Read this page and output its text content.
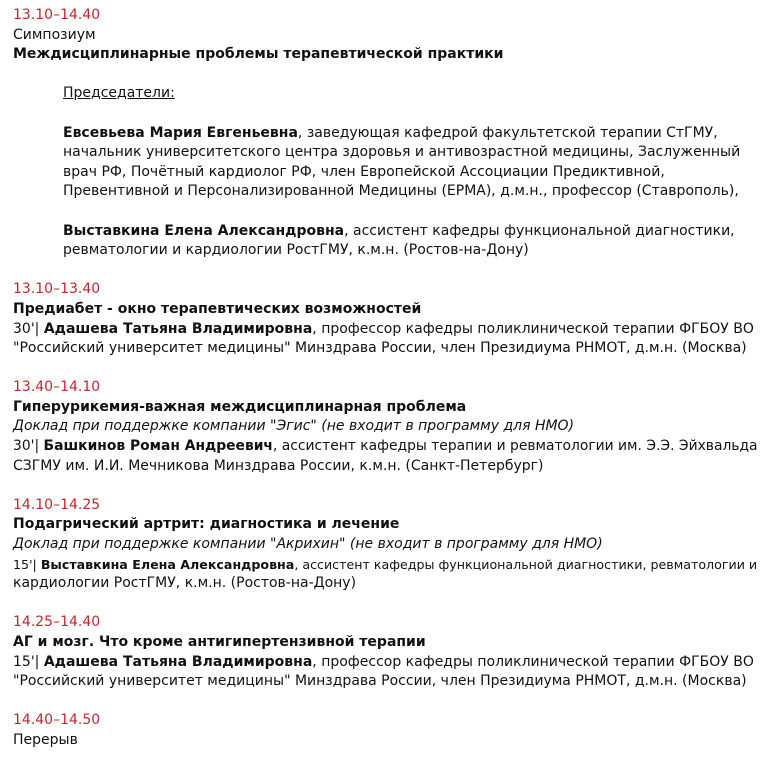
13.10–14.40
Симпозиум
Междисциплинарные проблемы терапевтической практики
Председатели:
Евсевьева Мария Евгеньевна, заведующая кафедрой факультетской терапии СтГМУ, начальник университетского центра здоровья и антивозрастной медицины, Заслуженный врач РФ, Почётный кардиолог РФ, член Европейской Ассоциации Предиктивной, Превентивной и Персонализированной Медицины (ЕРМА), д.м.н., профессор (Ставрополь),
Выставкина Елена Александровна, ассистент кафедры функциональной диагностики, ревматологии и кардиологии РостГМУ, к.м.н. (Ростов-на-Дону)
13.10–13.40
Предиабет - окно терапевтических возможностей
30'| Адашева Татьяна Владимировна, профессор кафедры поликлинической терапии ФГБОУ ВО
"Российский университет медицины" Минздрава России, член Президиума РНМОТ, д.м.н. (Москва)
13.40–14.10
Гиперурикемия-важная междисциплинарная проблема
Доклад при поддержке компании "Эгис" (не входит в программу для НМО)
30'| Башкинов Роман Андреевич, ассистент кафедры терапии и ревматологии им. Э.Э. Эйхвальда
СЗГМУ им. И.И. Мечникова Минздрава России, к.м.н. (Санкт-Петербург)
14.10–14.25
Подагрический артрит: диагностика и лечение
Доклад при поддержке компании "Акрихин" (не входит в программу для НМО)
15'| Выставкина Елена Александровна, ассистент кафедры функциональной диагностики, ревматологии и
кардиологии РостГМУ, к.м.н. (Ростов-на-Дону)
14.25–14.40
АГ и мозг. Что кроме антигипертензивной терапии
15'| Адашева Татьяна Владимировна, профессор кафедры поликлинической терапии ФГБОУ ВО
"Российский университет медицины" Минздрава России, член Президиума РНМОТ, д.м.н. (Москва)
14.40–14.50
Перерыв
